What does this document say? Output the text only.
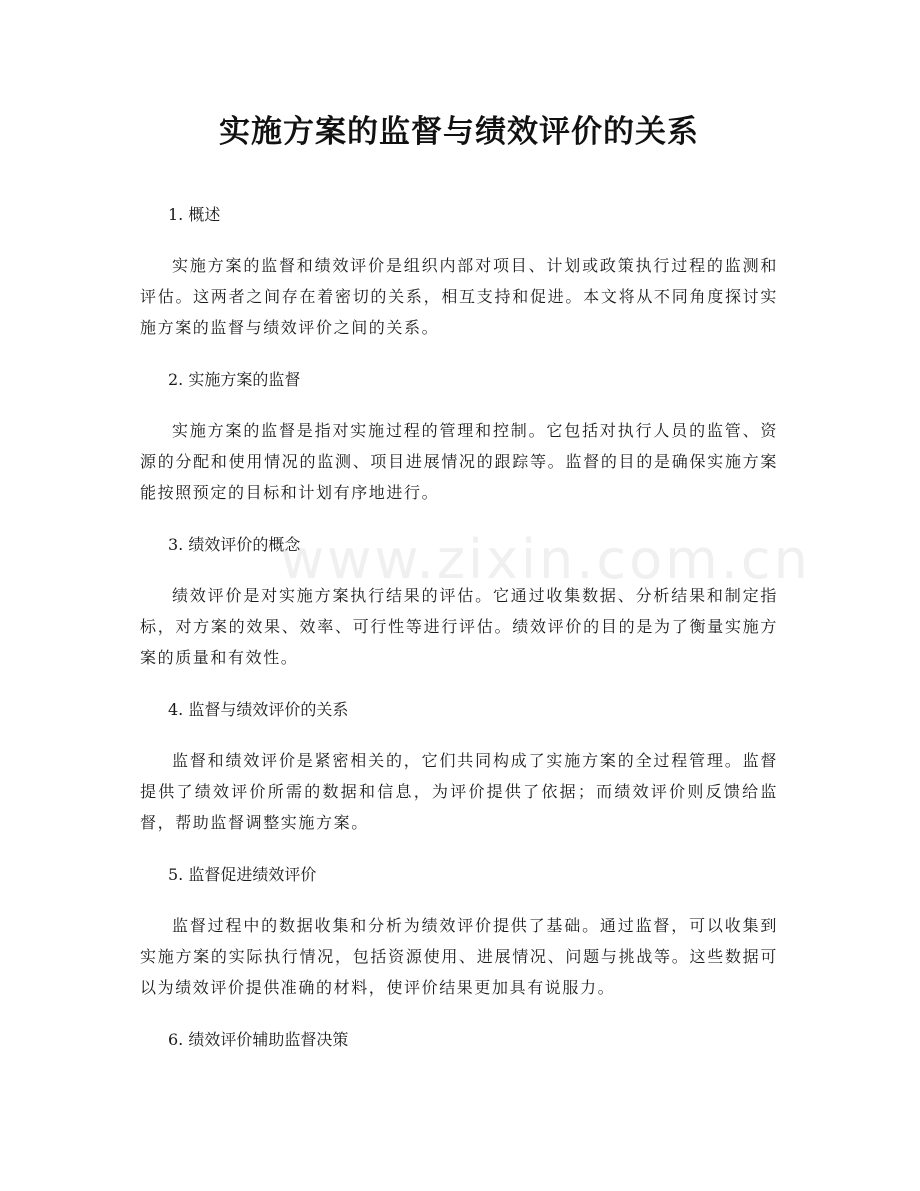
www.zixin.com.cn
实施方案的监督与绩效评价的关系
1. 概述

实施方案的监督和绩效评价是组织内部对项目、计划或政策执行过程的监测和评估。这两者之间存在着密切的关系，相互支持和促进。本文将从不同角度探讨实施方案的监督与绩效评价之间的关系。

2. 实施方案的监督

实施方案的监督是指对实施过程的管理和控制。它包括对执行人员的监管、资源的分配和使用情况的监测、项目进展情况的跟踪等。监督的目的是确保实施方案能按照预定的目标和计划有序地进行。

3. 绩效评价的概念

绩效评价是对实施方案执行结果的评估。它通过收集数据、分析结果和制定指标，对方案的效果、效率、可行性等进行评估。绩效评价的目的是为了衡量实施方案的质量和有效性。

4. 监督与绩效评价的关系

监督和绩效评价是紧密相关的，它们共同构成了实施方案的全过程管理。监督提供了绩效评价所需的数据和信息，为评价提供了依据；而绩效评价则反馈给监督，帮助监督调整实施方案。

5. 监督促进绩效评价

监督过程中的数据收集和分析为绩效评价提供了基础。通过监督，可以收集到实施方案的实际执行情况，包括资源使用、进展情况、问题与挑战等。这些数据可以为绩效评价提供准确的材料，使评价结果更加具有说服力。

6. 绩效评价辅助监督决策
